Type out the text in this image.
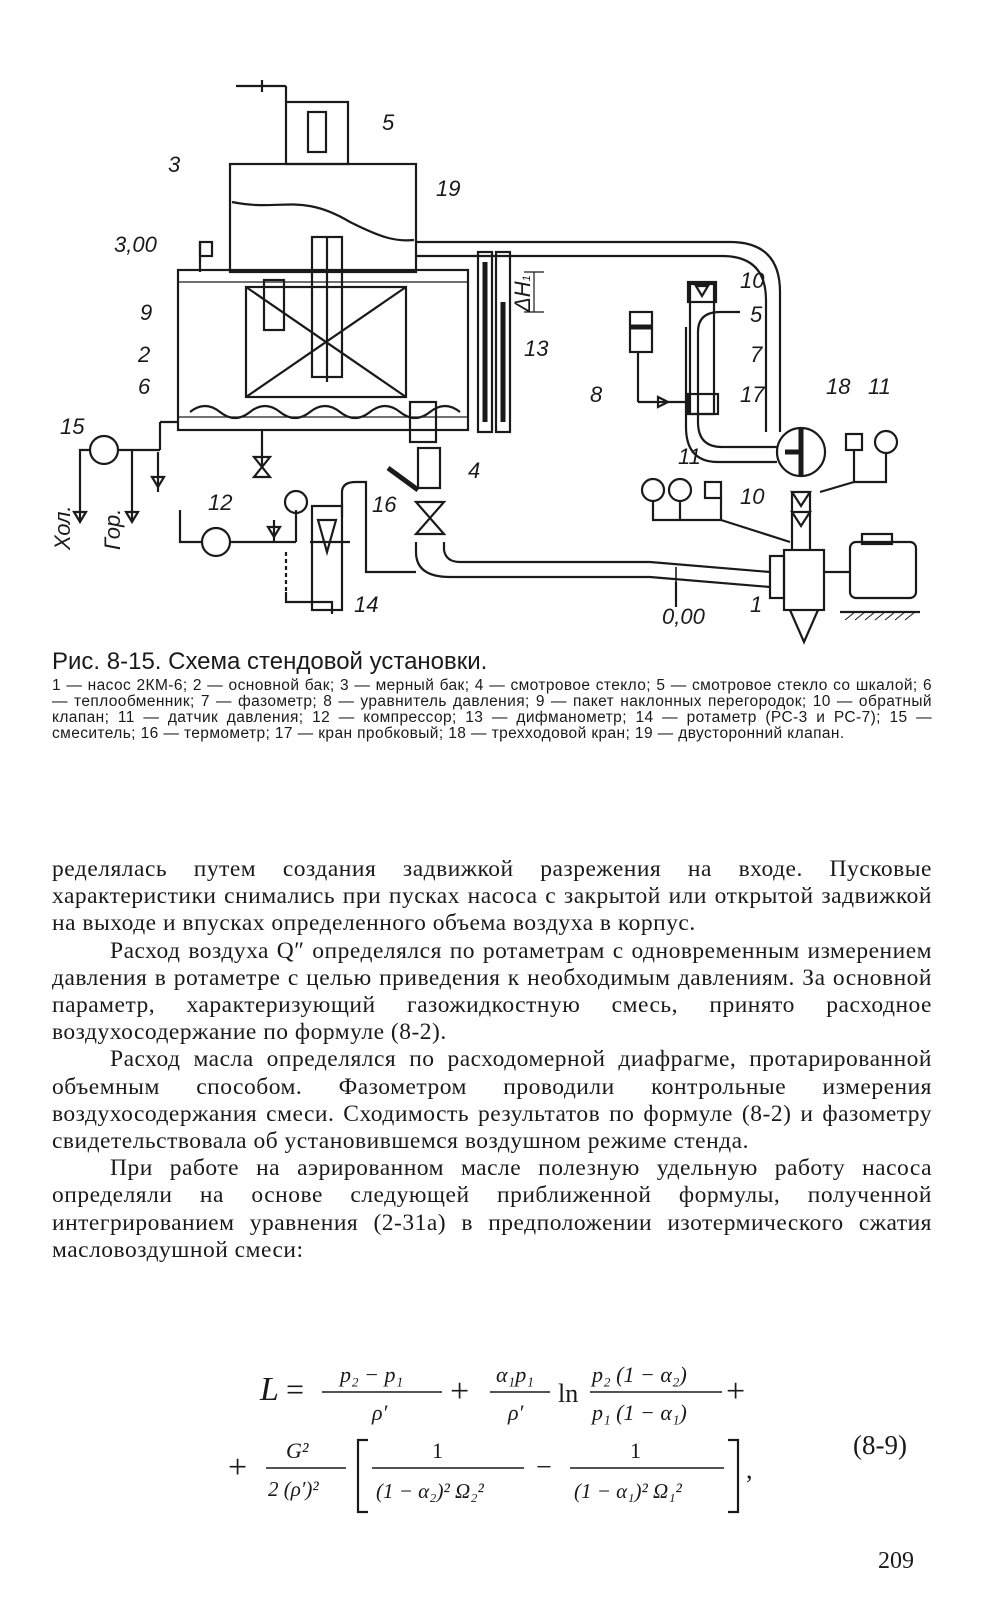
5
3
19
3,00
9
2
6
15
ΔH1
13
10
5
7
8	17	18 11
11
4
10
16
12
Хол. Гор.
14	0,00 1
Рис. 8-15. Схема стендовой установки.
1 — насос 2КМ-6; 2 — основной бак; 3 — мерный бак; 4 — смотровое стекло; 5 — смотровое стекло со шкалой; 6 — теплообменник; 7 — фазометр; 8 — уравнитель давления; 9 — пакет наклонных перегородок; 10 — обратный клапан; 11 — датчик давления; 12 — компрессор; 13 — дифманометр; 14 — ротаметр (РС-3 и РС-7); 15 — смеситель; 16 — термометр; 17 — кран пробковый; 18 — трехходовой кран; 19 — двусторонний клапан.

ределялась путем создания задвижкой разрежения на входе. Пусковые характеристики снимались при пусках насоса с закрытой или открытой задвижкой на выходе и впусках определенного объема воздуха в корпус.

Расход воздуха Q″ определялся по ротаметрам с одновременным измерением давления в ротаметре с целью приведения к необходимым давлениям. За основной параметр, характеризующий газожидкостную смесь, принято расходное воздухосодержание по формуле (8-2).

Расход масла определялся по расходомерной диафрагме, протарированной объемным способом. Фазометром проводили контрольные измерения воздухосодержания смеси. Сходимость результатов по формуле (8-2) и фазометру свидетельствовала об установившемся воздушном режиме стенда.

При работе на аэрированном масле полезную удельную работу насоса определяли на основе следующей приближенной формулы, полученной интегрированием уравнения (2-31а) в предположении изотермического сжатия масловоздушной смеси:

L = p₂ − p₁
ρ′
+ α₁p₁
ρ′
ln
p₂ (1 − α₂)
p₁ (1 − α₁)
+
+ G²
2 (ρ′)²
1
(1 − α₂)² Ω₂²
−
1
(1 − α₁)² Ω₁²
,
(8-9)
209
